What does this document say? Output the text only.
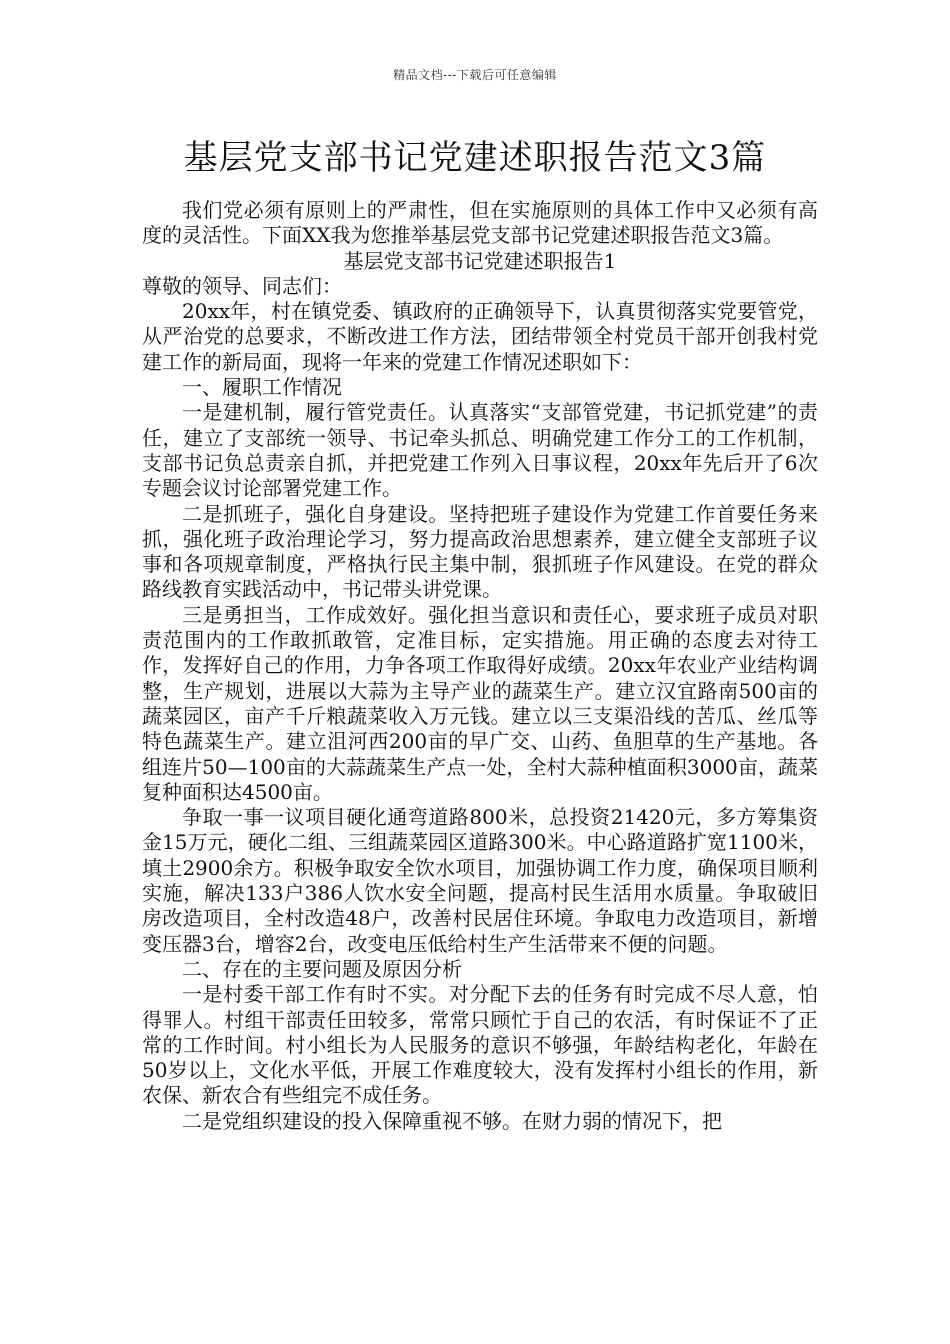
精品文档---下载后可任意编辑
基层党支部书记党建述职报告范文3篇

我们党必须有原则上的严肃性，但在实施原则的具体工作中又必须有高度的灵活性。下面XX我为您推举基层党支部书记党建述职报告范文3篇。

基层党支部书记党建述职报告1

尊敬的领导、同志们：

20xx年，村在镇党委、镇政府的正确领导下，认真贯彻落实党要管党，从严治党的总要求，不断改进工作方法，团结带领全村党员干部开创我村党建工作的新局面，现将一年来的党建工作情况述职如下：

一、履职工作情况

一是建机制，履行管党责任。认真落实“支部管党建，书记抓党建”的责任，建立了支部统一领导、书记牵头抓总、明确党建工作分工的工作机制，支部书记负总责亲自抓，并把党建工作列入日事议程，20xx年先后开了6次专题会议讨论部署党建工作。

二是抓班子，强化自身建设。坚持把班子建设作为党建工作首要任务来抓，强化班子政治理论学习，努力提高政治思想素养，建立健全支部班子议事和各项规章制度，严格执行民主集中制，狠抓班子作风建设。在党的群众路线教育实践活动中，书记带头讲党课。

三是勇担当，工作成效好。强化担当意识和责任心，要求班子成员对职责范围内的工作敢抓敢管，定准目标，定实措施。用正确的态度去对待工作，发挥好自己的作用，力争各项工作取得好成绩。20xx年农业产业结构调整，生产规划，进展以大蒜为主导产业的蔬菜生产。建立汉宜路南500亩的蔬菜园区，亩产千斤粮蔬菜收入万元钱。建立以三支渠沿线的苦瓜、丝瓜等特色蔬菜生产。建立沮河西200亩的早广交、山药、鱼胆草的生产基地。各组连片50—100亩的大蒜蔬菜生产点一处，全村大蒜种植面积3000亩，蔬菜复种面积达4500亩。

争取一事一议项目硬化通弯道路800米，总投资21420元，多方筹集资金15万元，硬化二组、三组蔬菜园区道路300米。中心路道路扩宽1100米，填土2900余方。积极争取安全饮水项目，加强协调工作力度，确保项目顺利实施，解决133户386人饮水安全问题，提高村民生活用水质量。争取破旧房改造项目，全村改造48户，改善村民居住环境。争取电力改造项目，新增变压器3台，增容2台，改变电压低给村生产生活带来不便的问题。

二、存在的主要问题及原因分析

一是村委干部工作有时不实。对分配下去的任务有时完成不尽人意，怕得罪人。村组干部责任田较多，常常只顾忙于自己的农活，有时保证不了正常的工作时间。村小组长为人民服务的意识不够强，年龄结构老化，年龄在50岁以上，文化水平低，开展工作难度较大，没有发挥村小组长的作用，新农保、新农合有些组完不成任务。

二是党组织建设的投入保障重视不够。在财力弱的情况下，把
